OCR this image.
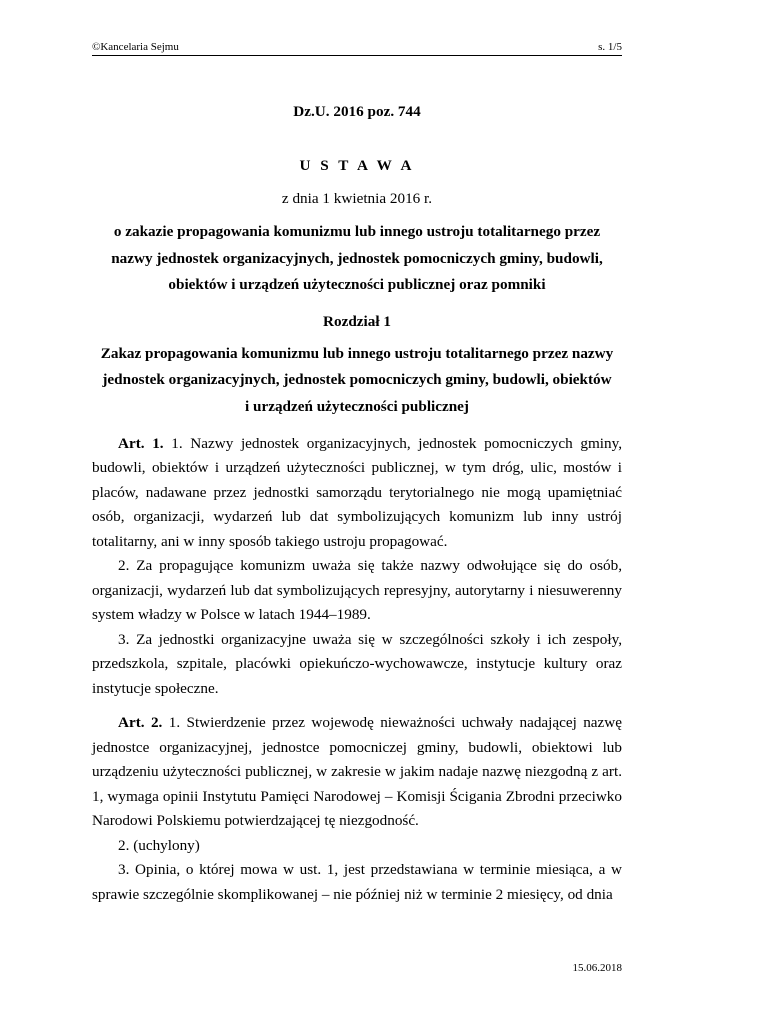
©Kancelaria Sejmu	s. 1/5

Dz.U. 2016 poz. 744

U S T A W A

z dnia 1 kwietnia 2016 r.

o zakazie propagowania komunizmu lub innego ustroju totalitarnego przez
nazwy jednostek organizacyjnych, jednostek pomocniczych gminy, budowli,
obiektów i urządzeń użyteczności publicznej oraz pomniki

Rozdział 1

Zakaz propagowania komunizmu lub innego ustroju totalitarnego przez nazwy
jednostek organizacyjnych, jednostek pomocniczych gminy, budowli, obiektów
i urządzeń użyteczności publicznej

Art. 1. 1. Nazwy jednostek organizacyjnych, jednostek pomocniczych gminy, budowli, obiektów i urządzeń użyteczności publicznej, w tym dróg, ulic, mostów i placów, nadawane przez jednostki samorządu terytorialnego nie mogą upamiętniać osób, organizacji, wydarzeń lub dat symbolizujących komunizm lub inny ustrój totalitarny, ani w inny sposób takiego ustroju propagować.

2. Za propagujące komunizm uważa się także nazwy odwołujące się do osób, organizacji, wydarzeń lub dat symbolizujących represyjny, autorytarny i niesuwerenny system władzy w Polsce w latach 1944–1989.

3. Za jednostki organizacyjne uważa się w szczególności szkoły i ich zespoły, przedszkola, szpitale, placówki opiekuńczo-wychowawcze, instytucje kultury oraz instytucje społeczne.

Art. 2. 1. Stwierdzenie przez wojewodę nieważności uchwały nadającej nazwę jednostce organizacyjnej, jednostce pomocniczej gminy, budowli, obiektowi lub urządzeniu użyteczności publicznej, w zakresie w jakim nadaje nazwę niezgodną z art. 1, wymaga opinii Instytutu Pamięci Narodowej – Komisji Ścigania Zbrodni przeciwko Narodowi Polskiemu potwierdzającej tę niezgodność.

2. (uchylony)

3. Opinia, o której mowa w ust. 1, jest przedstawiana w terminie miesiąca, a w sprawie szczególnie skomplikowanej – nie później niż w terminie 2 miesięcy, od dnia

15.06.2018
